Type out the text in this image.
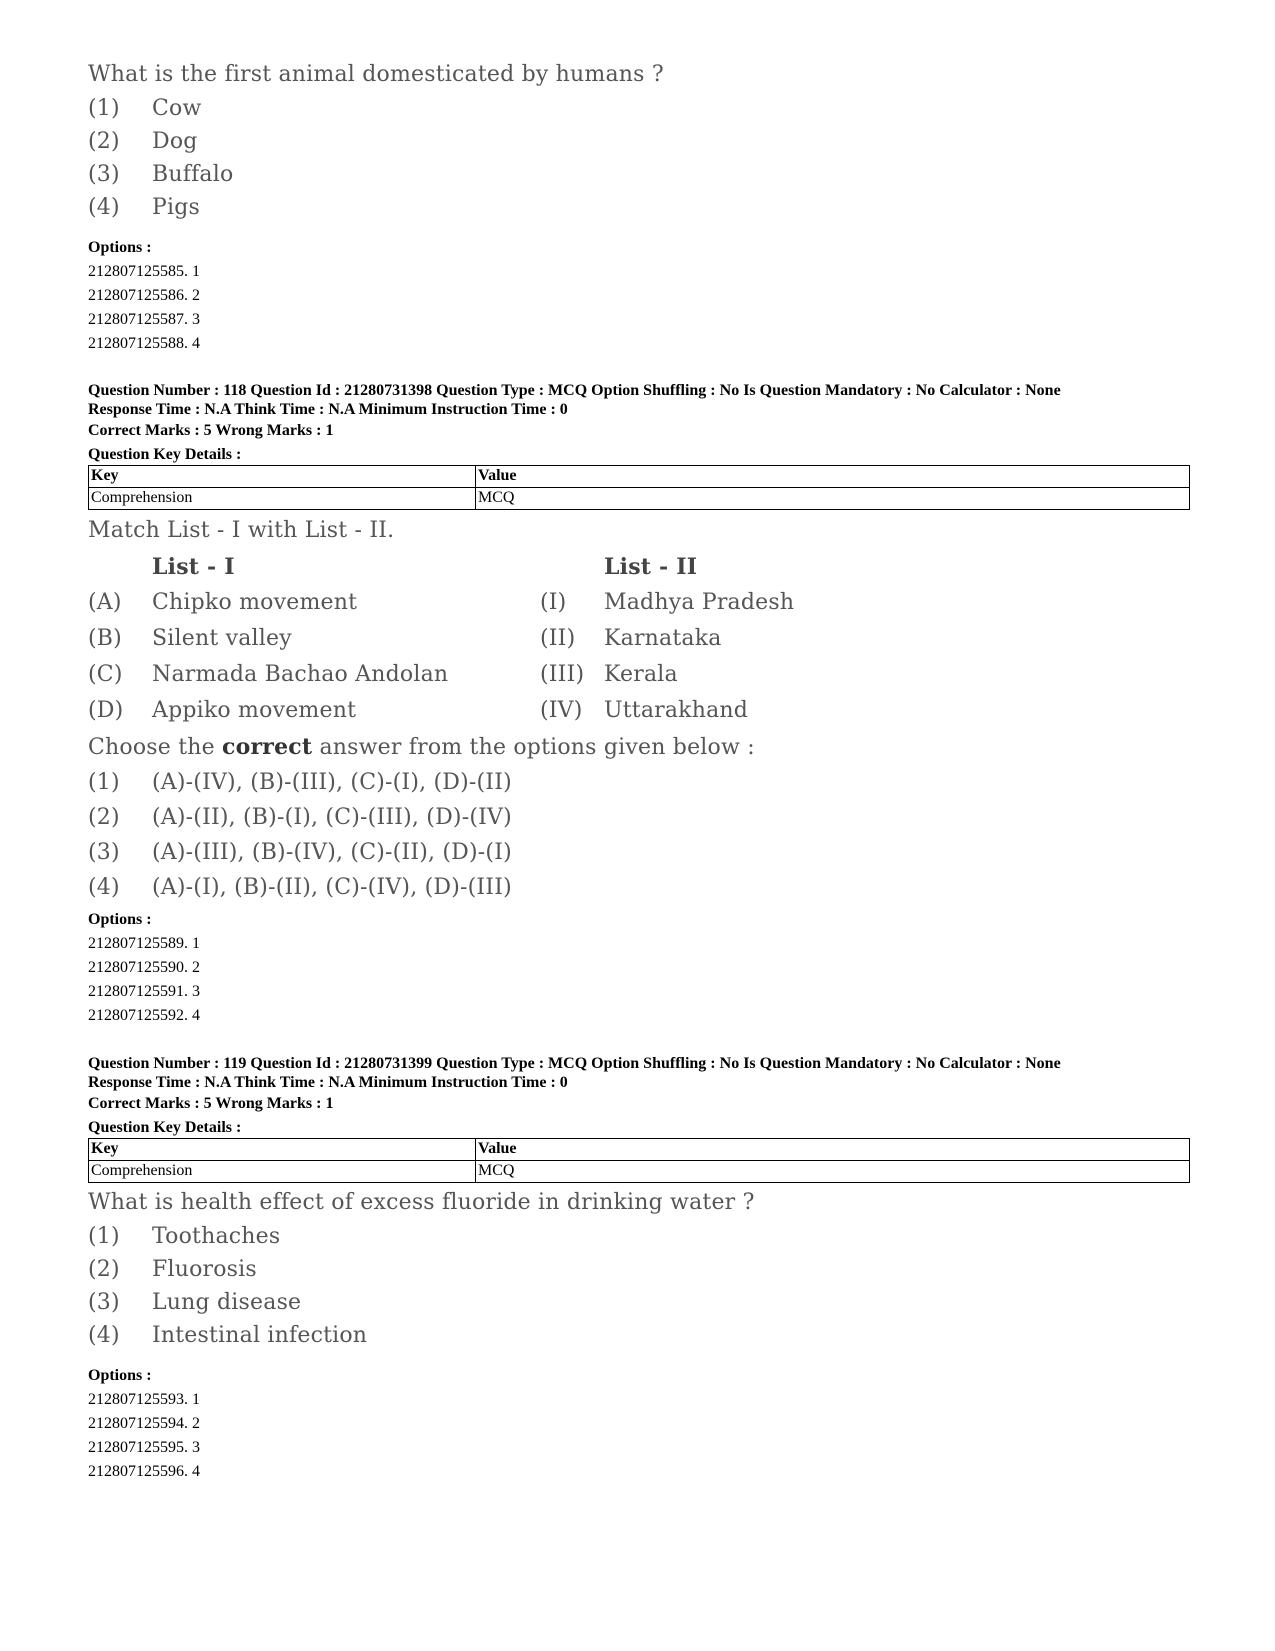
What is the first animal domesticated by humans ?
(1)	Cow
(2)	Dog
(3)	Buffalo
(4)	Pigs
Options :
212807125585. 1
212807125586. 2
212807125587. 3
212807125588. 4
Question Number : 118 Question Id : 21280731398 Question Type : MCQ Option Shuffling : No Is Question Mandatory : No Calculator : None
Response Time : N.A Think Time : N.A Minimum Instruction Time : 0
Correct Marks : 5 Wrong Marks : 1
Question Key Details :
Key	Value
Comprehension	MCQ
Match List - I with List - II.
List - I	List - II
(A)	Chipko movement	(I)	Madhya Pradesh
(B)	Silent valley	(II)	Karnataka
(C)	Narmada Bachao Andolan	(III) Kerala
(D)	Appiko movement	(IV) Uttarakhand
Choose the correct answer from the options given below :
(1)	(A)-(IV), (B)-(III), (C)-(I), (D)-(II)
(2)	(A)-(II), (B)-(I), (C)-(III), (D)-(IV)
(3)	(A)-(III), (B)-(IV), (C)-(II), (D)-(I)
(4)	(A)-(I), (B)-(II), (C)-(IV), (D)-(III)
Options :
212807125589. 1
212807125590. 2
212807125591. 3
212807125592. 4
Question Number : 119 Question Id : 21280731399 Question Type : MCQ Option Shuffling : No Is Question Mandatory : No Calculator : None
Response Time : N.A Think Time : N.A Minimum Instruction Time : 0
Correct Marks : 5 Wrong Marks : 1
Question Key Details :
Key	Value
Comprehension	MCQ
What is health effect of excess fluoride in drinking water ?
(1)	Toothaches
(2)	Fluorosis
(3)	Lung disease
(4)	Intestinal infection
Options :
212807125593. 1
212807125594. 2
212807125595. 3
212807125596. 4
